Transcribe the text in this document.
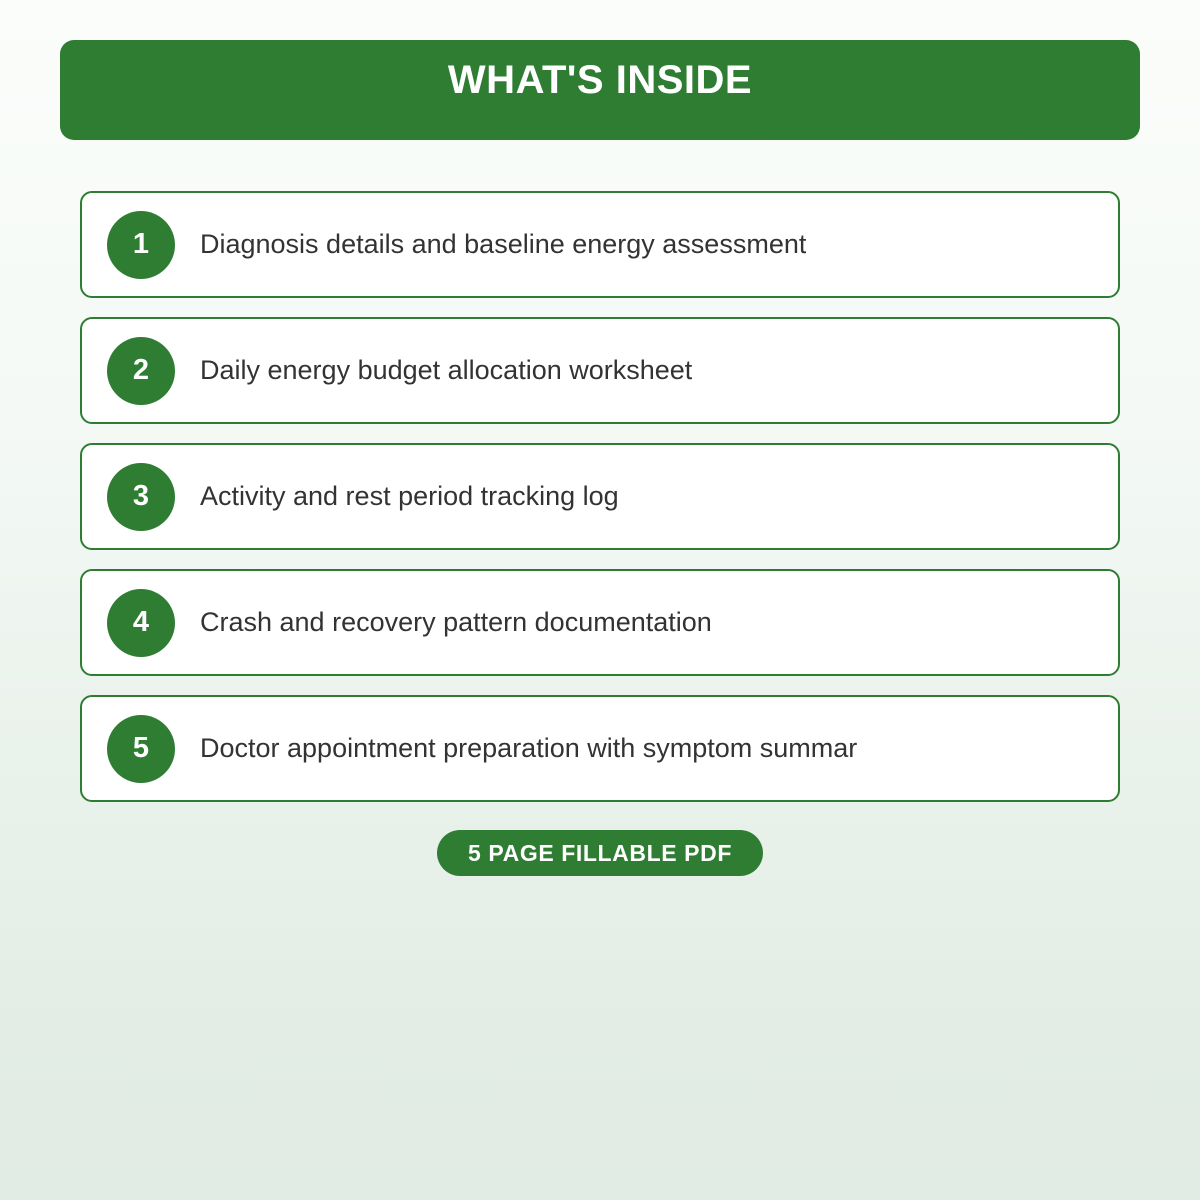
WHAT'S INSIDE
1	Diagnosis details and baseline energy assessment
2	Daily energy budget allocation worksheet
3	Activity and rest period tracking log
4	Crash and recovery pattern documentation
5	Doctor appointment preparation with symptom summar
5 PAGE FILLABLE PDF
